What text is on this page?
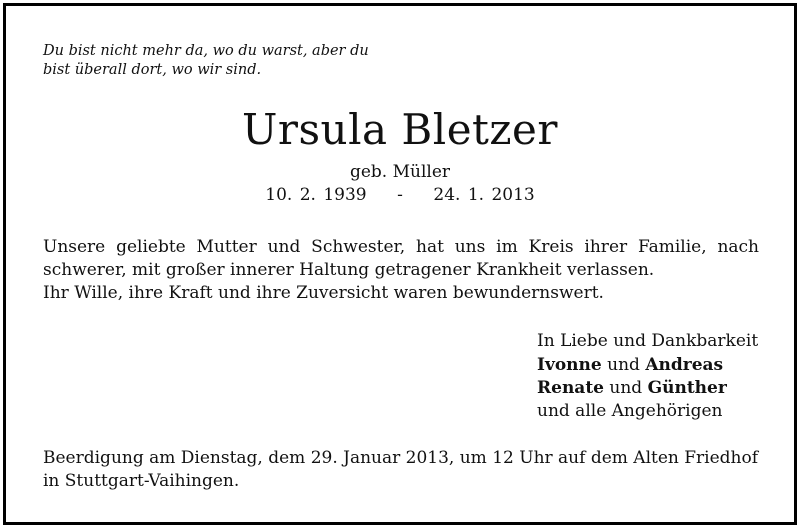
Du bist nicht mehr da, wo du warst, aber du
bist überall dort, wo wir sind.
Ursula Bletzer
geb. Müller
10. 2. 1939 - 24. 1. 2013
Unsere geliebte Mutter und Schwester, hat uns im Kreis ihrer Familie, nach
schwerer, mit großer innerer Haltung getragener Krankheit verlassen.
Ihr Wille, ihre Kraft und ihre Zuversicht waren bewundernswert.
In Liebe und Dankbarkeit
Ivonne und Andreas
Renate und Günther
und alle Angehörigen
Beerdigung am Dienstag, dem 29. Januar 2013, um 12 Uhr auf dem Alten Friedhof
in Stuttgart-Vaihingen.
